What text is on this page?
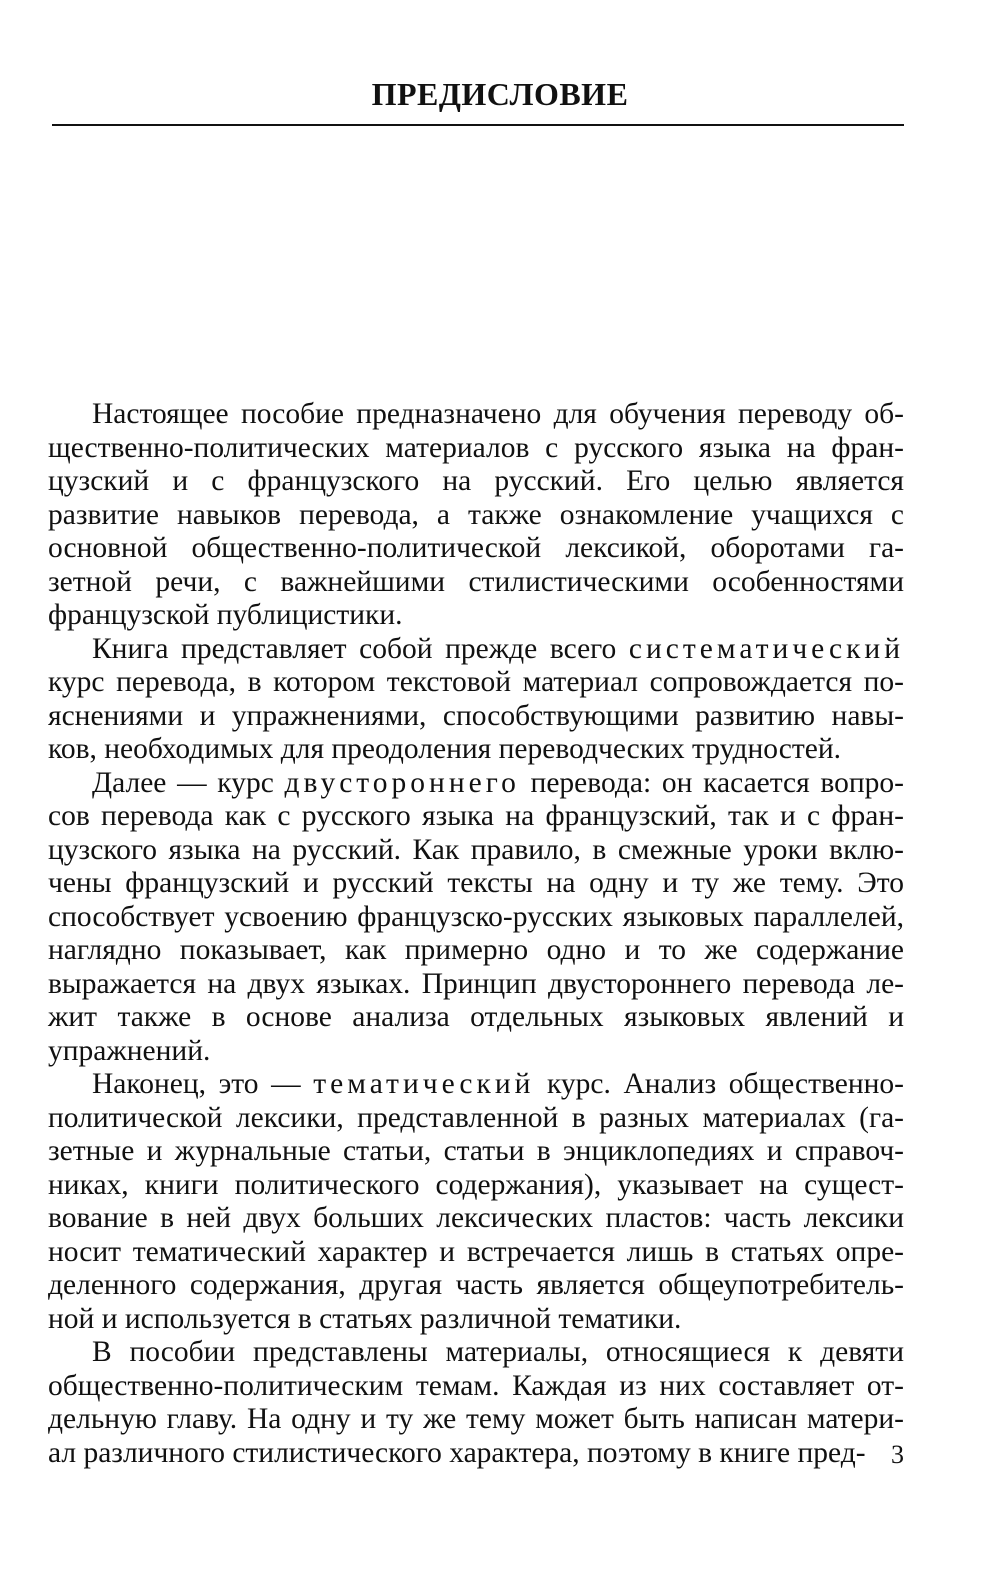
ПРЕДИСЛОВИЕ

Настоящее пособие предназначено для обучения переводу об-
щественно-политических материалов с русского языка на фран-
цузский и с французского на русский. Его целью является
развитие навыков перевода, а также ознакомление учащихся с
основной общественно-политической лексикой, оборотами га-
зетной речи, с важнейшими стилистическими особенностями
французской публицистики.

Книга представляет собой прежде всего систематический
курс перевода, в котором текстовой материал сопровождается по-
яснениями и упражнениями, способствующими развитию навы-
ков, необходимых для преодоления переводческих трудностей.

Далее — курс двустороннего перевода: он касается вопро-
сов перевода как с русского языка на французский, так и с фран-
цузского языка на русский. Как правило, в смежные уроки вклю-
чены французский и русский тексты на одну и ту же тему. Это
способствует усвоению французско-русских языковых параллелей,
наглядно показывает, как примерно одно и то же содержание
выражается на двух языках. Принцип двустороннего перевода ле-
жит также в основе анализа отдельных языковых явлений и
упражнений.

Наконец, это — тематический курс. Анализ общественно-
политической лексики, представленной в разных материалах (га-
зетные и журнальные статьи, статьи в энциклопедиях и справоч-
никах, книги политического содержания), указывает на сущест-
вование в ней двух больших лексических пластов: часть лексики
носит тематический характер и встречается лишь в статьях опре-
деленного содержания, другая часть является общеупотребитель-
ной и используется в статьях различной тематики.

В пособии представлены материалы, относящиеся к девяти
общественно-политическим темам. Каждая из них составляет от-
дельную главу. На одну и ту же тему может быть написан матери-
ал различного стилистического характера, поэтому в книге пред- 3
